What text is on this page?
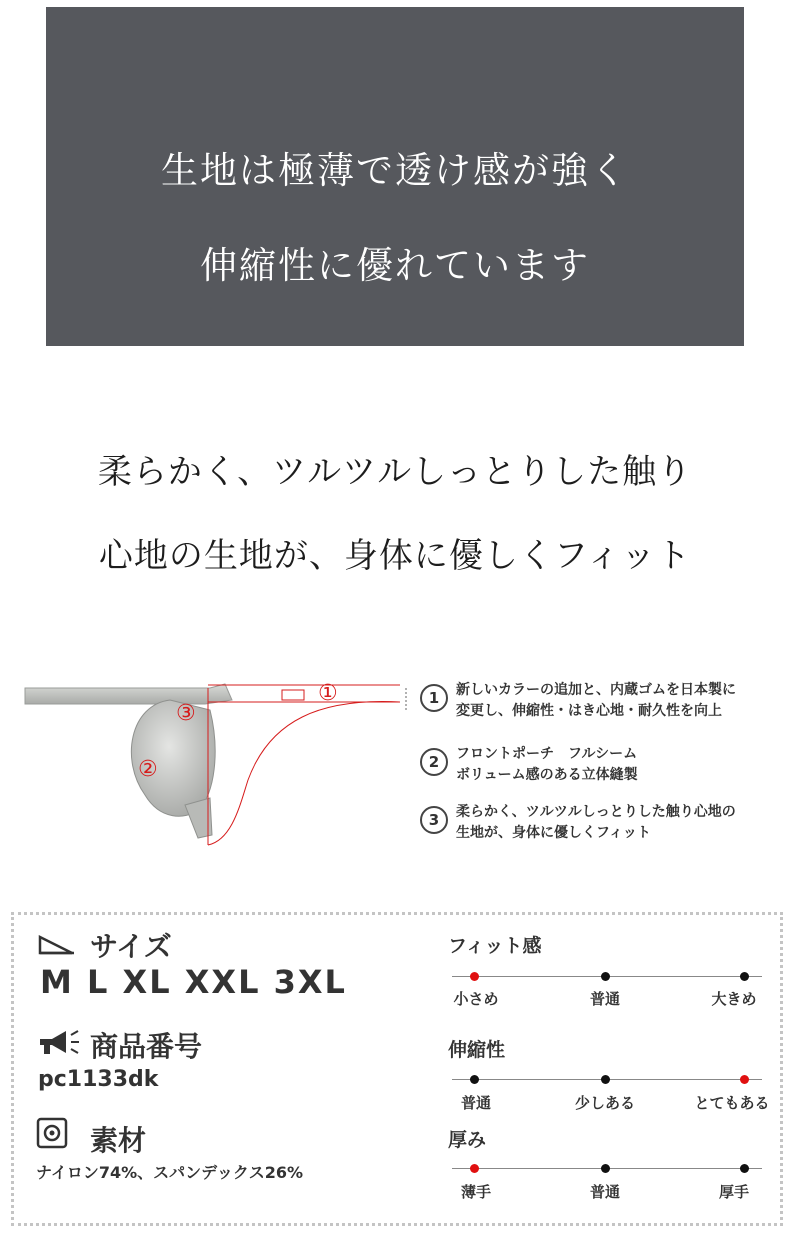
生地は極薄で透け感が強く
伸縮性に優れています
柔らかく、ツルツルしっとりした触り
心地の生地が、身体に優しくフィット
①
②
③
1	新しいカラーの追加と、内蔵ゴムを日本製に
変更し、伸縮性・はき心地・耐久性を向上
2	フロントポーチ　フルシーム
ボリューム感のある立体縫製
3	柔らかく、ツルツルしっとりした触り心地の
生地が、身体に優しくフィット
サイズ
M L XL XXL 3XL
商品番号
pc1133dk
素材
ナイロン74%、スパンデックス26%
フィット感
小さめ	普通	大きめ
伸縮性
普通	少しある	とてもある
厚み
薄手	普通	厚手
